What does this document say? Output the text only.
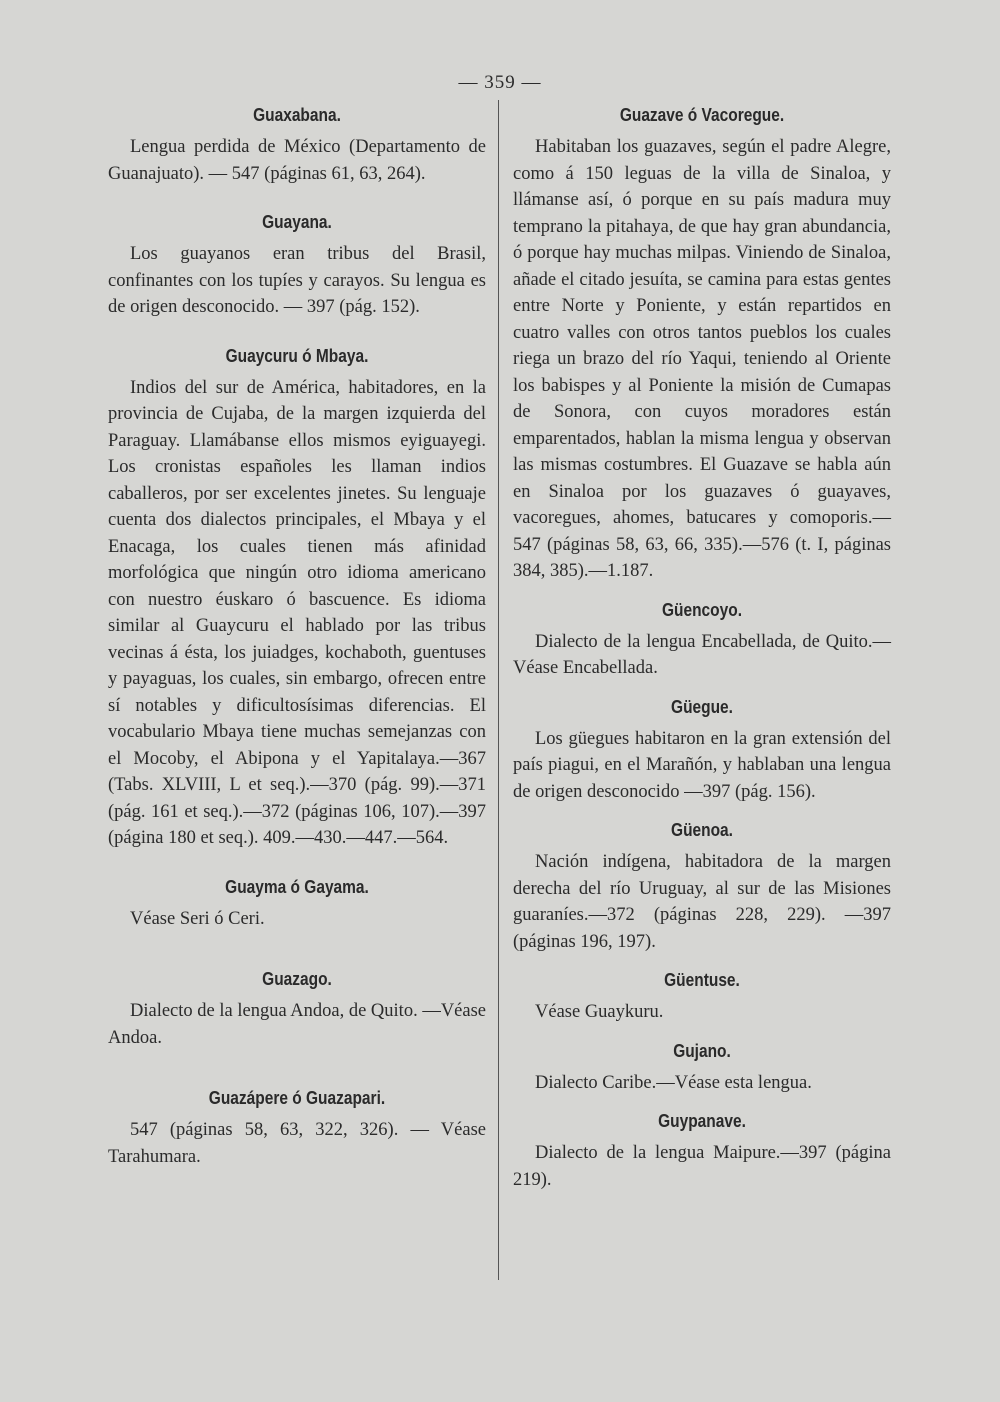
— 359 —
Guaxabana.

Lengua perdida de México (Departamento de Guanajuato). — 547 (páginas 61, 63, 264).

Guayana.

Los guayanos eran tribus del Brasil, confinantes con los tupíes y carayos. Su lengua es de origen desconocido. — 397 (pág. 152).

Guaycuru ó Mbaya.

Indios del sur de América, habitadores, en la provincia de Cujaba, de la margen izquierda del Paraguay. Llamábanse ellos mismos eyiguayegi. Los cronistas españoles les llaman indios caballeros, por ser excelentes jinetes. Su lenguaje cuenta dos dialectos principales, el Mbaya y el Enacaga, los cuales tienen más afinidad morfológica que ningún otro idioma americano con nuestro éuskaro ó bascuence. Es idioma similar al Guaycuru el hablado por las tribus vecinas á ésta, los juiadges, kochaboth, guentuses y payaguas, los cuales, sin embargo, ofrecen entre sí notables y dificultosísimas diferencias. El vocabulario Mbaya tiene muchas semejanzas con el Mocoby, el Abipona y el Yapitalaya.—367 (Tabs. XLVIII, L et seq.).—370 (pág. 99).—371 (pág. 161 et seq.).—372 (páginas 106, 107).—397 (página 180 et seq.). 409.—430.—447.—564.

Guayma ó Gayama.

Véase Seri ó Ceri.

Guazago.

Dialecto de la lengua Andoa, de Quito. —Véase Andoa.

Guazápere ó Guazapari.

547 (páginas 58, 63, 322, 326). — Véase Tarahumara.

Guazave ó Vacoregue.

Habitaban los guazaves, según el padre Alegre, como á 150 leguas de la villa de Sinaloa, y llámanse así, ó porque en su país madura muy temprano la pitahaya, de que hay gran abundancia, ó porque hay muchas milpas. Viniendo de Sinaloa, añade el citado jesuíta, se camina para estas gentes entre Norte y Poniente, y están repartidos en cuatro valles con otros tantos pueblos los cuales riega un brazo del río Yaqui, teniendo al Oriente los babispes y al Poniente la misión de Cumapas de Sonora, con cuyos moradores están emparentados, hablan la misma lengua y observan las mismas costumbres. El Guazave se habla aún en Sinaloa por los guazaves ó guayaves, vacoregues, ahomes, batucares y comoporis.— 547 (páginas 58, 63, 66, 335).—576 (t. I, páginas 384, 385).—1.187.

Güencoyo.

Dialecto de la lengua Encabellada, de Quito.— Véase Encabellada.

Güegue.

Los güegues habitaron en la gran extensión del país piagui, en el Marañón, y hablaban una lengua de origen desconocido —397 (pág. 156).

Güenoa.

Nación indígena, habitadora de la margen derecha del río Uruguay, al sur de las Misiones guaraníes.—372 (páginas 228, 229). —397 (páginas 196, 197).

Güentuse.

Véase Guaykuru.

Gujano.

Dialecto Caribe.—Véase esta lengua.

Guypanave.

Dialecto de la lengua Maipure.—397 (página 219).
